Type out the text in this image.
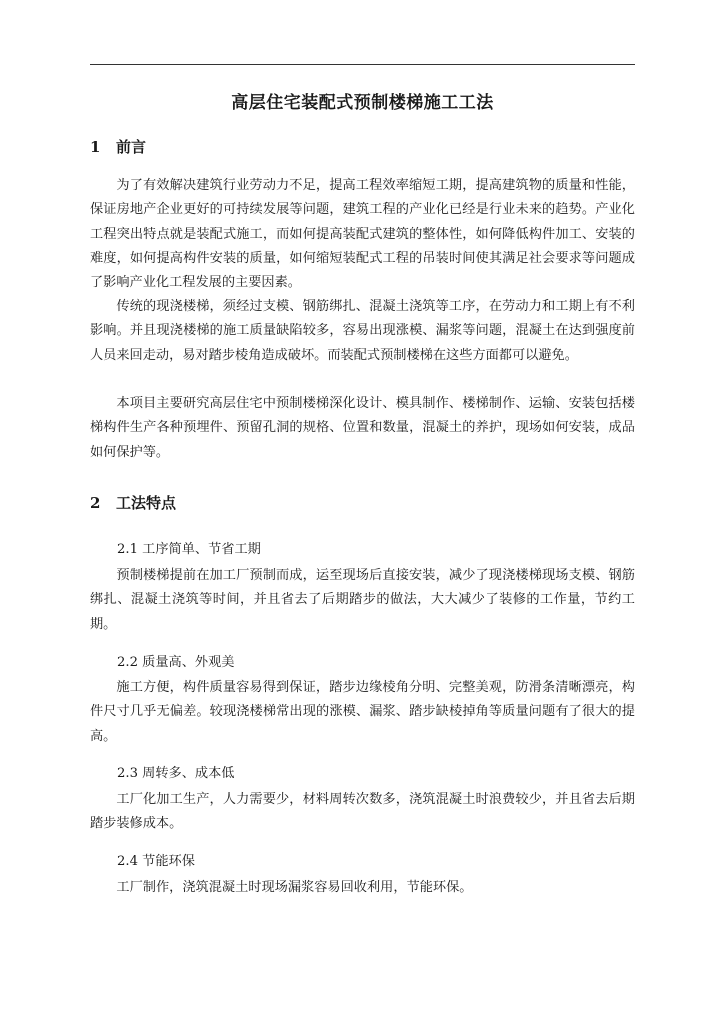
高层住宅装配式预制楼梯施工工法
1 前言

为了有效解决建筑行业劳动力不足，提高工程效率缩短工期，提高建筑物的质量和性能，保证房地产企业更好的可持续发展等问题，建筑工程的产业化已经是行业未来的趋势。产业化工程突出特点就是装配式施工，而如何提高装配式建筑的整体性，如何降低构件加工、安装的难度，如何提高构件安装的质量，如何缩短装配式工程的吊装时间使其满足社会要求等问题成了影响产业化工程发展的主要因素。

传统的现浇楼梯，须经过支模、钢筋绑扎、混凝土浇筑等工序，在劳动力和工期上有不利影响。并且现浇楼梯的施工质量缺陷较多，容易出现涨模、漏浆等问题，混凝土在达到强度前人员来回走动，易对踏步棱角造成破坏。而装配式预制楼梯在这些方面都可以避免。

本项目主要研究高层住宅中预制楼梯深化设计、模具制作、楼梯制作、运输、安装包括楼梯构件生产各种预埋件、预留孔洞的规格、位置和数量，混凝土的养护，现场如何安装，成品如何保护等。

2 工法特点

2.1 工序简单、节省工期

预制楼梯提前在加工厂预制而成，运至现场后直接安装，减少了现浇楼梯现场支模、钢筋绑扎、混凝土浇筑等时间，并且省去了后期踏步的做法，大大减少了装修的工作量，节约工期。

2.2 质量高、外观美

施工方便，构件质量容易得到保证，踏步边缘棱角分明、完整美观，防滑条清晰漂亮，构件尺寸几乎无偏差。较现浇楼梯常出现的涨模、漏浆、踏步缺棱掉角等质量问题有了很大的提高。

2.3 周转多、成本低

工厂化加工生产，人力需要少，材料周转次数多，浇筑混凝土时浪费较少，并且省去后期踏步装修成本。

2.4 节能环保

工厂制作，浇筑混凝土时现场漏浆容易回收利用，节能环保。
